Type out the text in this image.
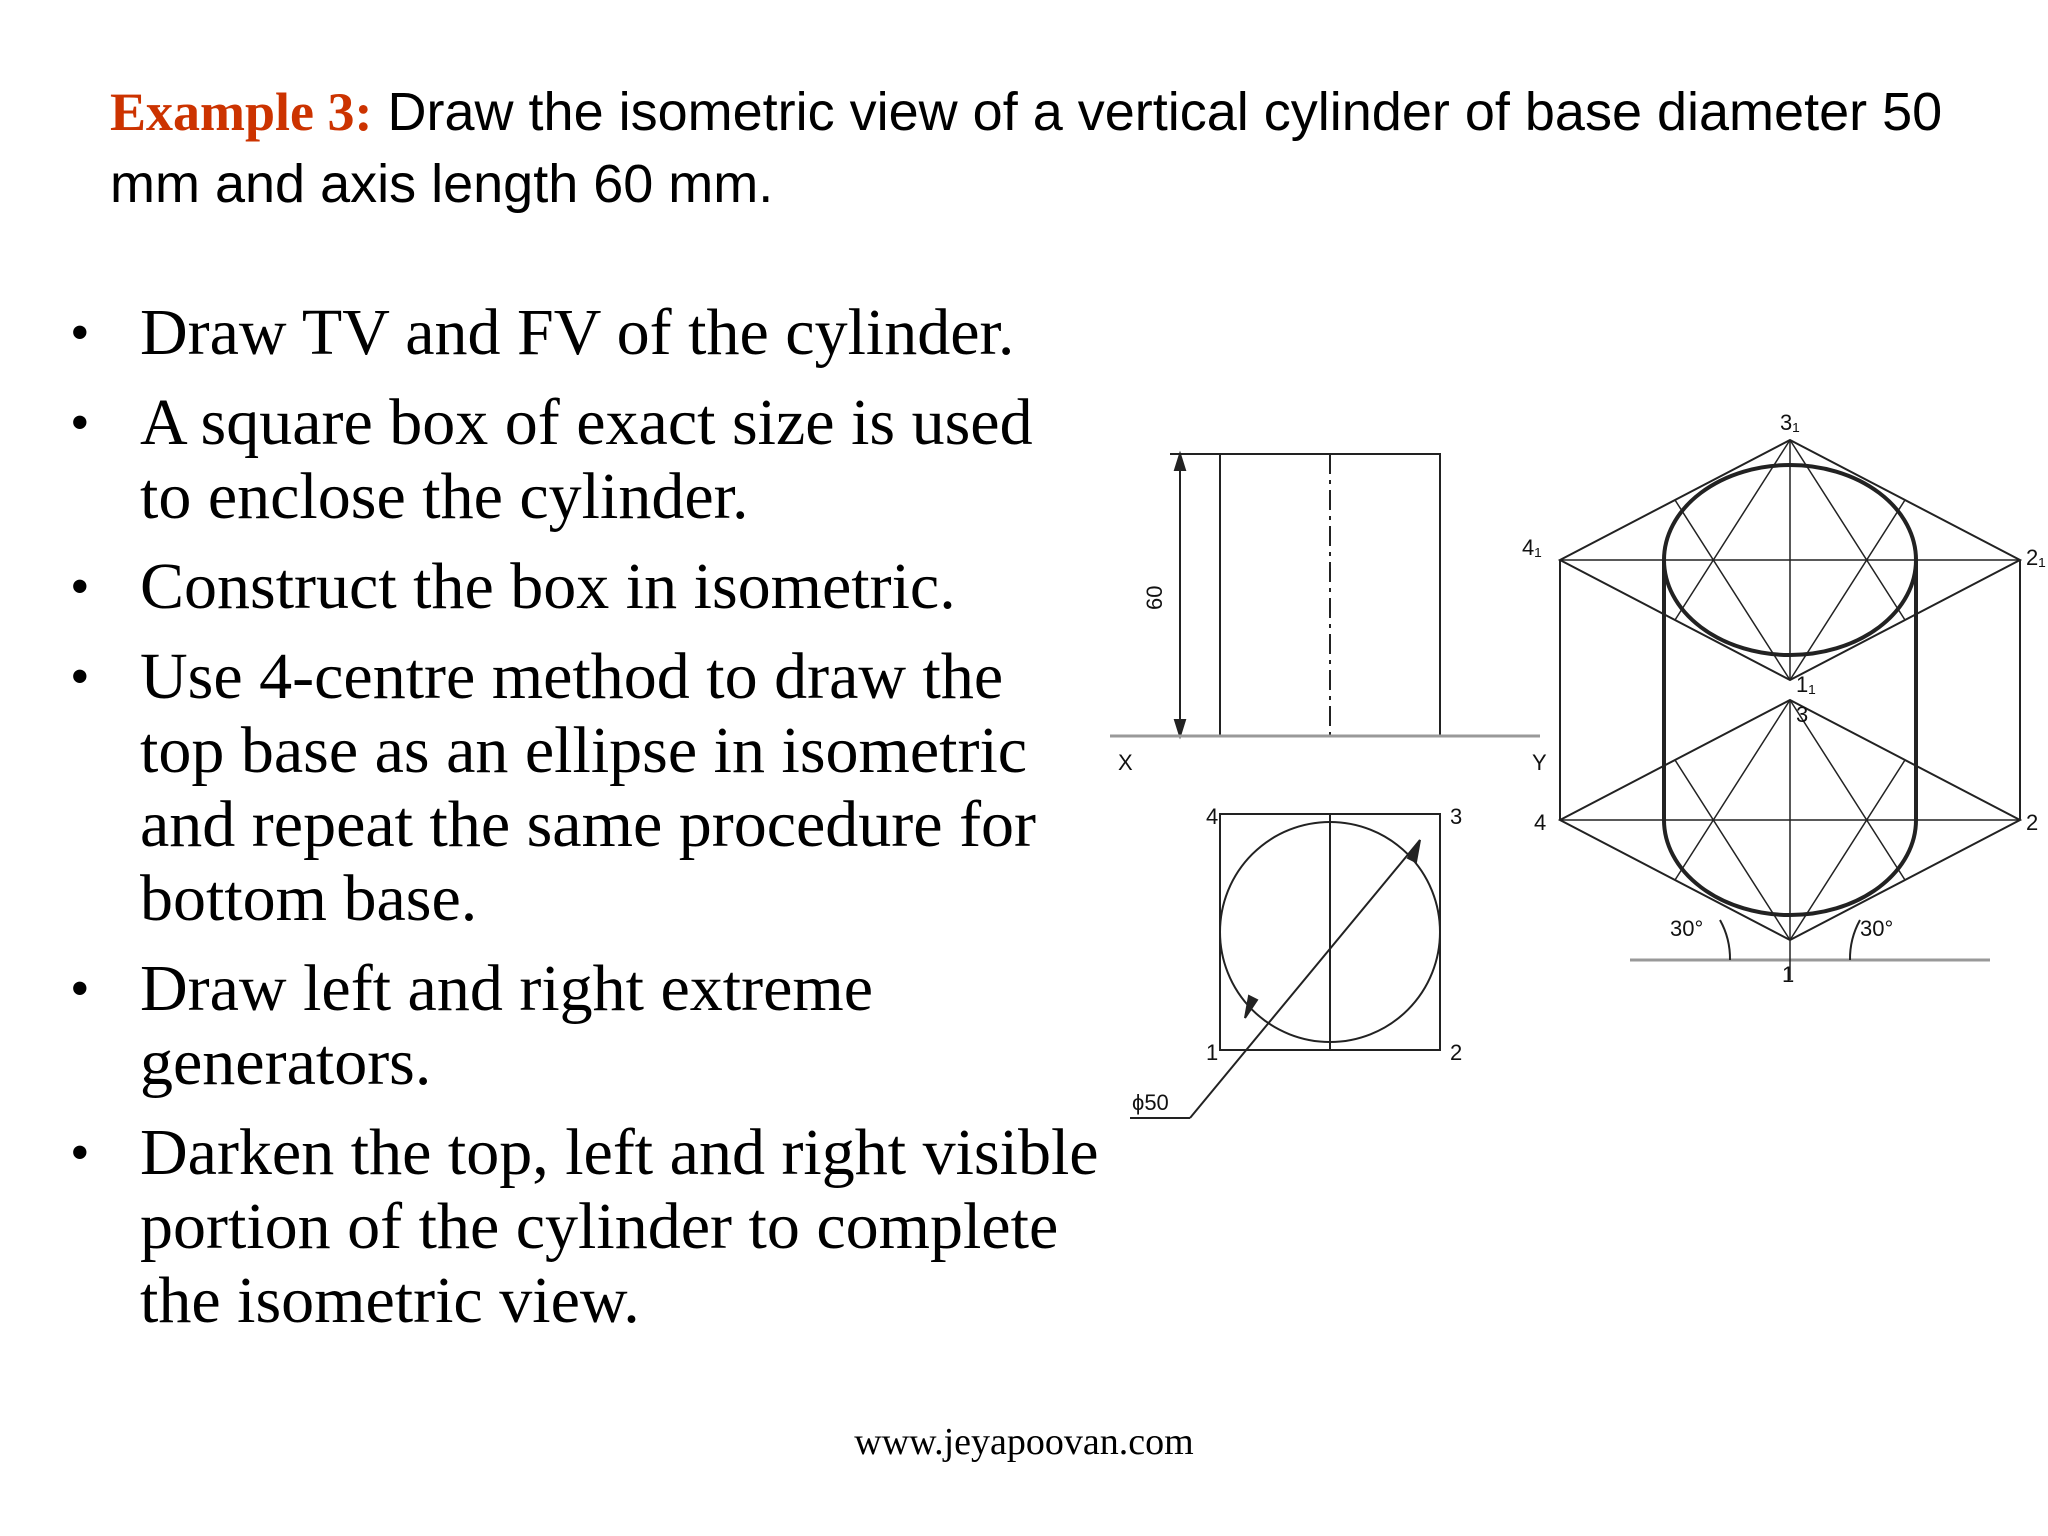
Example 3: Draw the isometric view of a vertical cylinder of base diameter 50 mm and axis length 60 mm.
• Draw TV and FV of the cylinder.
• A square box of exact size is used to enclose the cylinder.
• Construct the box in isometric.
• Use 4-centre method to draw the top base as an ellipse in isometric and repeat the same procedure for bottom base.
• Draw left and right extreme generators.
• Darken the top, left and right visible portion of the cylinder to complete the isometric view.
60
X	Y
4	3
1	2
ϕ50
3₁
4₁	2₁
1₁
3
4	2
1
30°	30°
www.jeyapoovan.com
